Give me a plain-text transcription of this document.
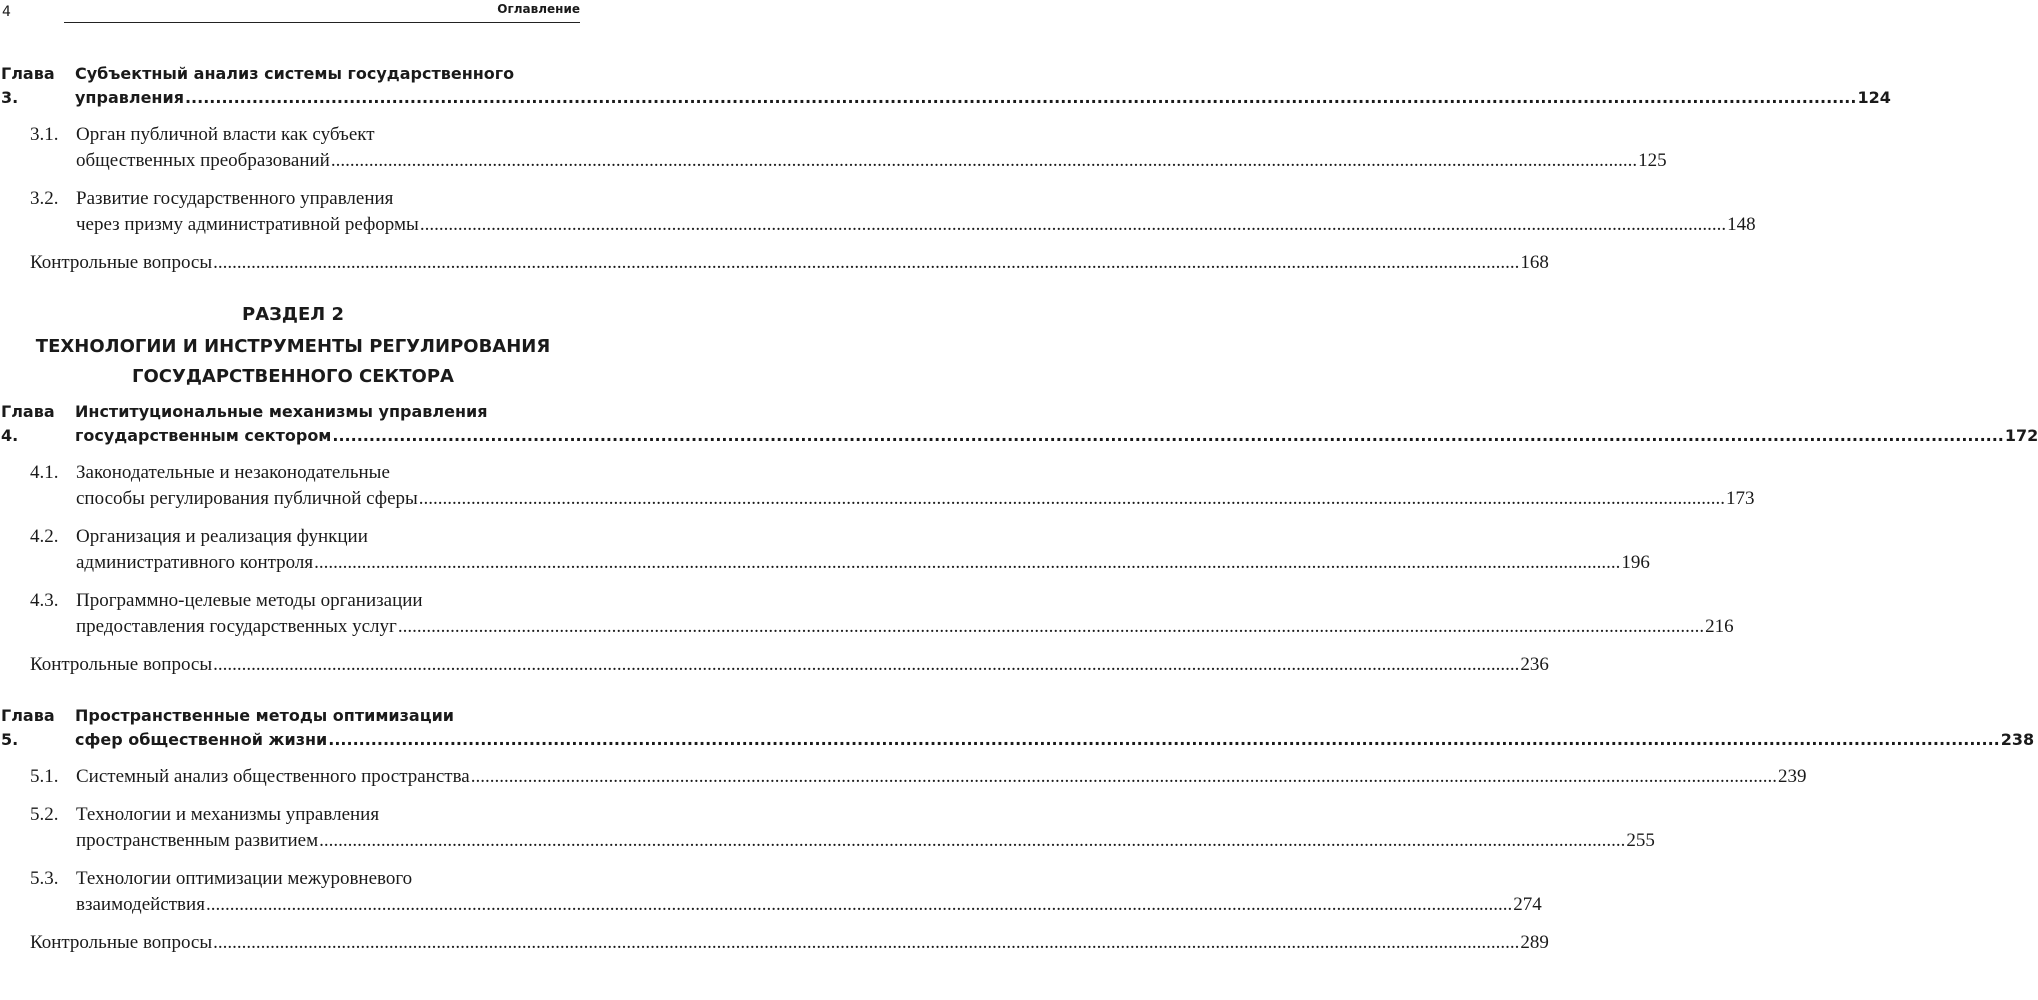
4	Оглавление
Глава 3.
Субъектный анализ системы государственного
управления .....	124
3.1. Орган публичной власти как субъект
общественных преобразований .....	125
3.2. Развитие государственного управления
через призму административной реформы .....	148
Контрольные вопросы .....	168
РАЗДЕЛ 2
ТЕХНОЛОГИИ И ИНСТРУМЕНТЫ РЕГУЛИРОВАНИЯ
ГОСУДАРСТВЕННОГО СЕКТОРА
Глава 4.
Институциональные механизмы управления
государственным сектором .....	172
4.1. Законодательные и незаконодательные
способы регулирования публичной сферы .....	173
4.2. Организация и реализация функции
административного контроля .....	196
4.3. Программно-целевые методы организации
предоставления государственных услуг .....	216
Контрольные вопросы .....	236
Глава 5.
Пространственные методы оптимизации
сфер общественной жизни .....	238
5.1. Системный анализ общественного пространства .....	239
5.2. Технологии и механизмы управления
пространственным развитием .....	255
5.3. Технологии оптимизации межуровневого
взаимодействия .....	274
Контрольные вопросы .....	289
